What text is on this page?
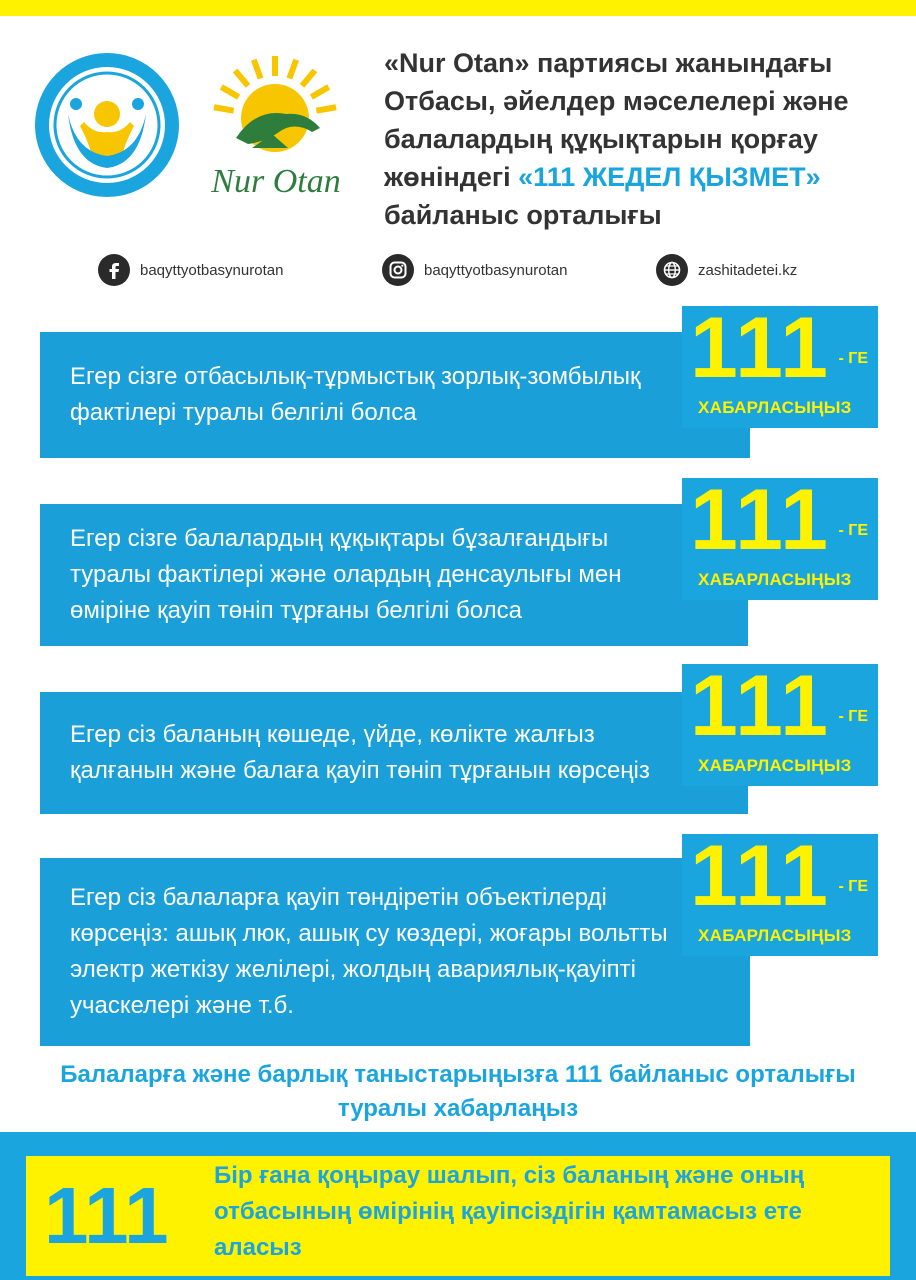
Nur Otan
«Nur Otan» партиясы жанындағы Отбасы, әйелдер мәселелері және балалардың құқықтарын қорғау жөніндегі «111 ЖЕДЕЛ ҚЫЗМЕТ» байланыс орталығы
baqyttyotbasynurotan	baqyttyotbasynurotan	zashitadetei.kz
Егер сізге отбасылық-тұрмыстық зорлық-зомбылық фактілері туралы белгілі болса
111 - ГЕ
ХАБАРЛАСЫҢЫЗ
Егер сізге балалардың құқықтары бұзалғандығы туралы фактілері және олардың денсаулығы мен өміріне қауіп төніп тұрғаны белгілі болса
111 - ГЕ
ХАБАРЛАСЫҢЫЗ
Егер сіз баланың көшеде, үйде, көлікте жалғыз қалғанын және балаға қауіп төніп тұрғанын көрсеңіз
111 - ГЕ
ХАБАРЛАСЫҢЫЗ
Егер сіз балаларға қауіп төндіретін объектілерді көрсеңіз: ашық люк, ашық су көздері, жоғары вольтты электр жеткізу желілері, жолдың авариялық-қауіпті учаскелері және т.б.
111 - ГЕ
ХАБАРЛАСЫҢЫЗ
Балаларға және барлық таныстарыңызға 111 байланыс орталығы туралы хабарлаңыз
111 Бір ғана қоңырау шалып, сіз баланың және оның отбасының өмірінің қауіпсіздігін қамтамасыз ете аласыз
